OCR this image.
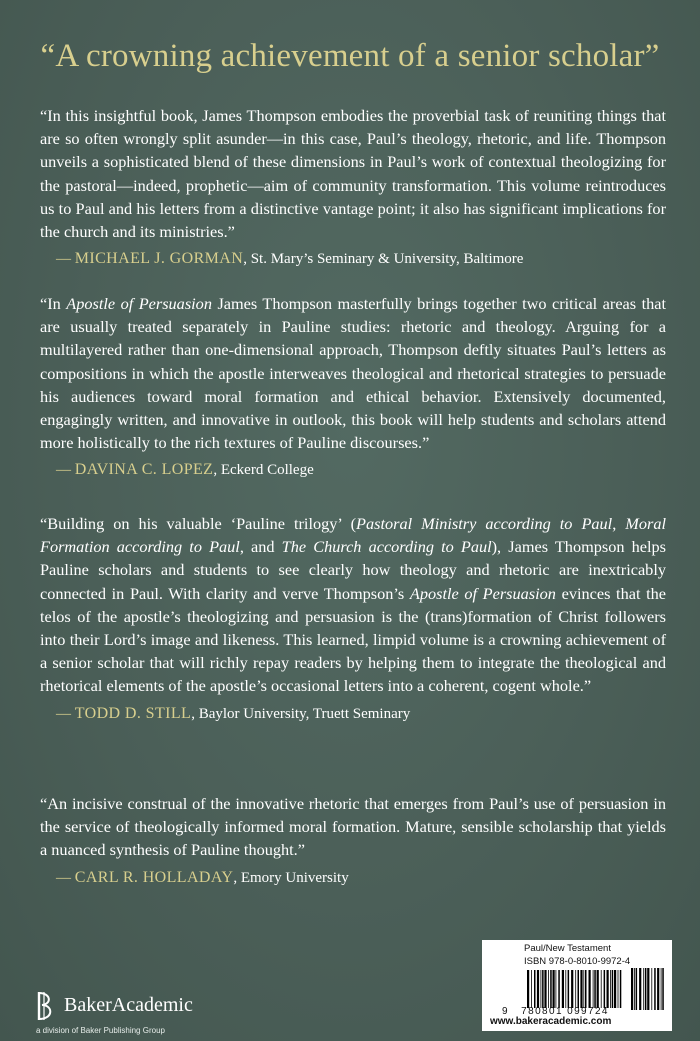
“A crowning achievement of a senior scholar”

“In this insightful book, James Thompson embodies the proverbial task of reuniting things that are so often wrongly split asunder—in this case, Paul’s theology, rhetoric, and life. Thompson unveils a sophisticated blend of these dimensions in Paul’s work of contextual theologizing for the pastoral—indeed, prophetic—aim of community transformation. This volume reintroduces us to Paul and his letters from a distinctive vantage point; it also has significant implications for the church and its ministries.”
— MICHAEL J. GORMAN, St. Mary’s Seminary & University, Baltimore

“In Apostle of Persuasion James Thompson masterfully brings together two critical areas that are usually treated separately in Pauline studies: rhetoric and theology. Arguing for a multilayered rather than one-dimensional approach, Thompson deftly situates Paul’s letters as compositions in which the apostle interweaves theological and rhetorical strategies to persuade his audiences toward moral formation and ethical behavior. Extensively documented, engagingly written, and innovative in outlook, this book will help students and scholars attend more holistically to the rich textures of Pauline discourses.”
— DAVINA C. LOPEZ, Eckerd College

“Building on his valuable ‘Pauline trilogy’ (Pastoral Ministry according to Paul, Moral Formation according to Paul, and The Church according to Paul), James Thompson helps Pauline scholars and students to see clearly how theology and rhetoric are inextricably connected in Paul. With clarity and verve Thompson’s Apostle of Persuasion evinces that the telos of the apostle’s theologizing and persuasion is the (trans)formation of Christ followers into their Lord’s image and likeness. This learned, limpid volume is a crowning achievement of a senior scholar that will richly repay readers by helping them to integrate the theological and rhetorical elements of the apostle’s occasional letters into a coherent, cogent whole.”
— TODD D. STILL, Baylor University, Truett Seminary

“An incisive construal of the innovative rhetoric that emerges from Paul’s use of persuasion in the service of theologically informed moral formation. Mature, sensible scholarship that yields a nuanced synthesis of Pauline thought.”
— CARL R. HOLLADAY, Emory University

BakerAcademic
a division of Baker Publishing Group
Paul/New Testament
ISBN 978-0-8010-9972-4
9 780801 099724
www.bakeracademic.com
